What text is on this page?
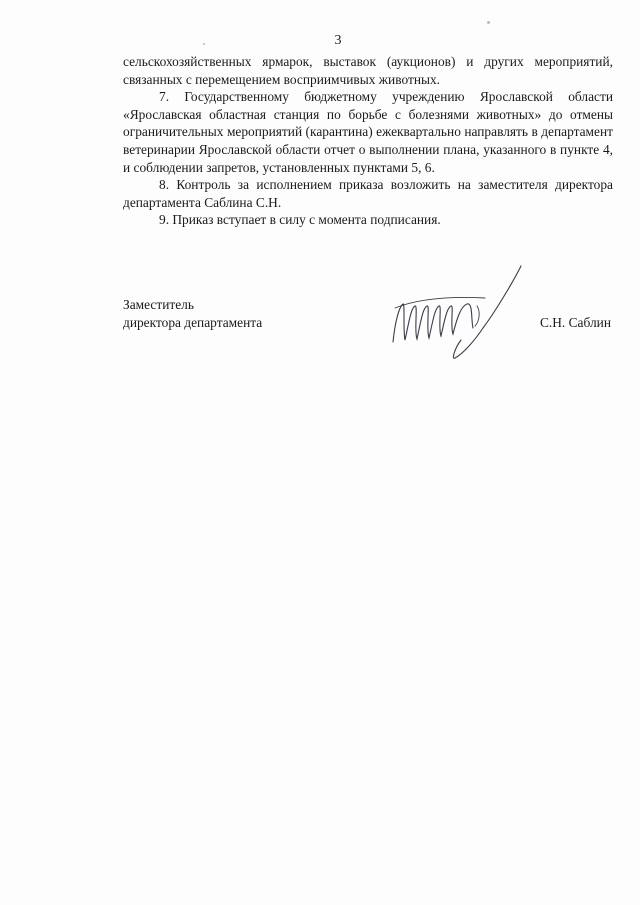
3

сельскохозяйственных ярмарок, выставок (аукционов) и других мероприятий, связанных с перемещением восприимчивых животных.

7. Государственному бюджетному учреждению Ярославской области «Ярославская областная станция по борьбе с болезнями животных» до отмены ограничительных мероприятий (карантина) ежеквартально направлять в департамент ветеринарии Ярославской области отчет о выполнении плана, указанного в пункте 4, и соблюдении запретов, установленных пунктами 5, 6.

8. Контроль за исполнением приказа возложить на заместителя директора департамента Саблина С.Н.

9. Приказ вступает в силу с момента подписания.

Заместитель
директора департамента	С.Н. Саблин
